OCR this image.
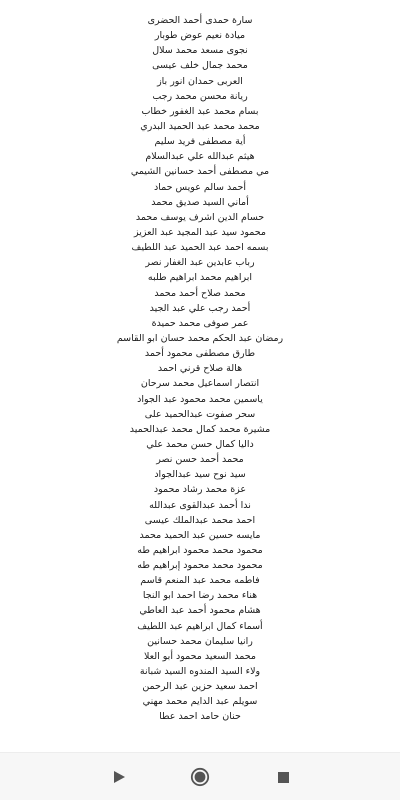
سارة حمدى أحمد الحضرى
ميادة نعيم عوض طوبار
نجوى مسعد محمد سلال
محمد جمال خلف عيسى
العربى حمدان انور باز
ريانة محسن محمد رجب
بسام محمد عبد الغفور خطاب
محمد محمد عبد الحميد البدري
أية مصطفى فريد سليم
هيثم عبدالله علي عبدالسلام
مي مصطفى أحمد حسانين الشيمي
أحمد سالم عويس حماد
أماني السيد صديق محمد
حسام الدين اشرف يوسف محمد
محمود سيد عبد المجيد عبد العزيز
بسمه احمد عبد الحميد عبد اللطيف
رباب عابدين عبد الغفار نصر
ابراهيم محمد ابراهيم طلبه
محمد صلاح أحمد محمد
أحمد رجب علي عبد الجيد
عمر صوفى محمد حميدة
رمضان عبد الحكم محمد حسان ابو القاسم
طارق مصطفى محمود أحمد
هالة صلاح قرني احمد
انتصار اسماعيل محمد سرحان
ياسمين محمد محمود عبد الجواد
سحر صفوت عبدالحميد على
مشيرة محمد كمال محمد عبدالحميد
داليا كمال حسن محمد علي
محمد أحمد حسن نصر
سيد نوح سيد عبدالجواد
عزة محمد رشاد محمود
ندا أحمد عبدالقوى عبدالله
احمد محمد عبدالملك عيسى
مايسه حسين عبد الحميد محمد
محمود محمد محمود ابراهيم طه
محمود محمد محمود إبراهيم طه
فاطمه محمد عبد المنعم قاسم
هناء محمد رضا احمد ابو النجا
هشام محمود أحمد عبد العاطي
أسماء كمال ابراهيم عبد اللطيف
رانيا سليمان محمد حسانين
محمد السعيد محمود أبو العلا
ولاء السيد المندوه السيد شبانة
احمد سعيد حزين عبد الرحمن
سويلم عبد الدايم محمد مهني
حنان حامد احمد عطا
